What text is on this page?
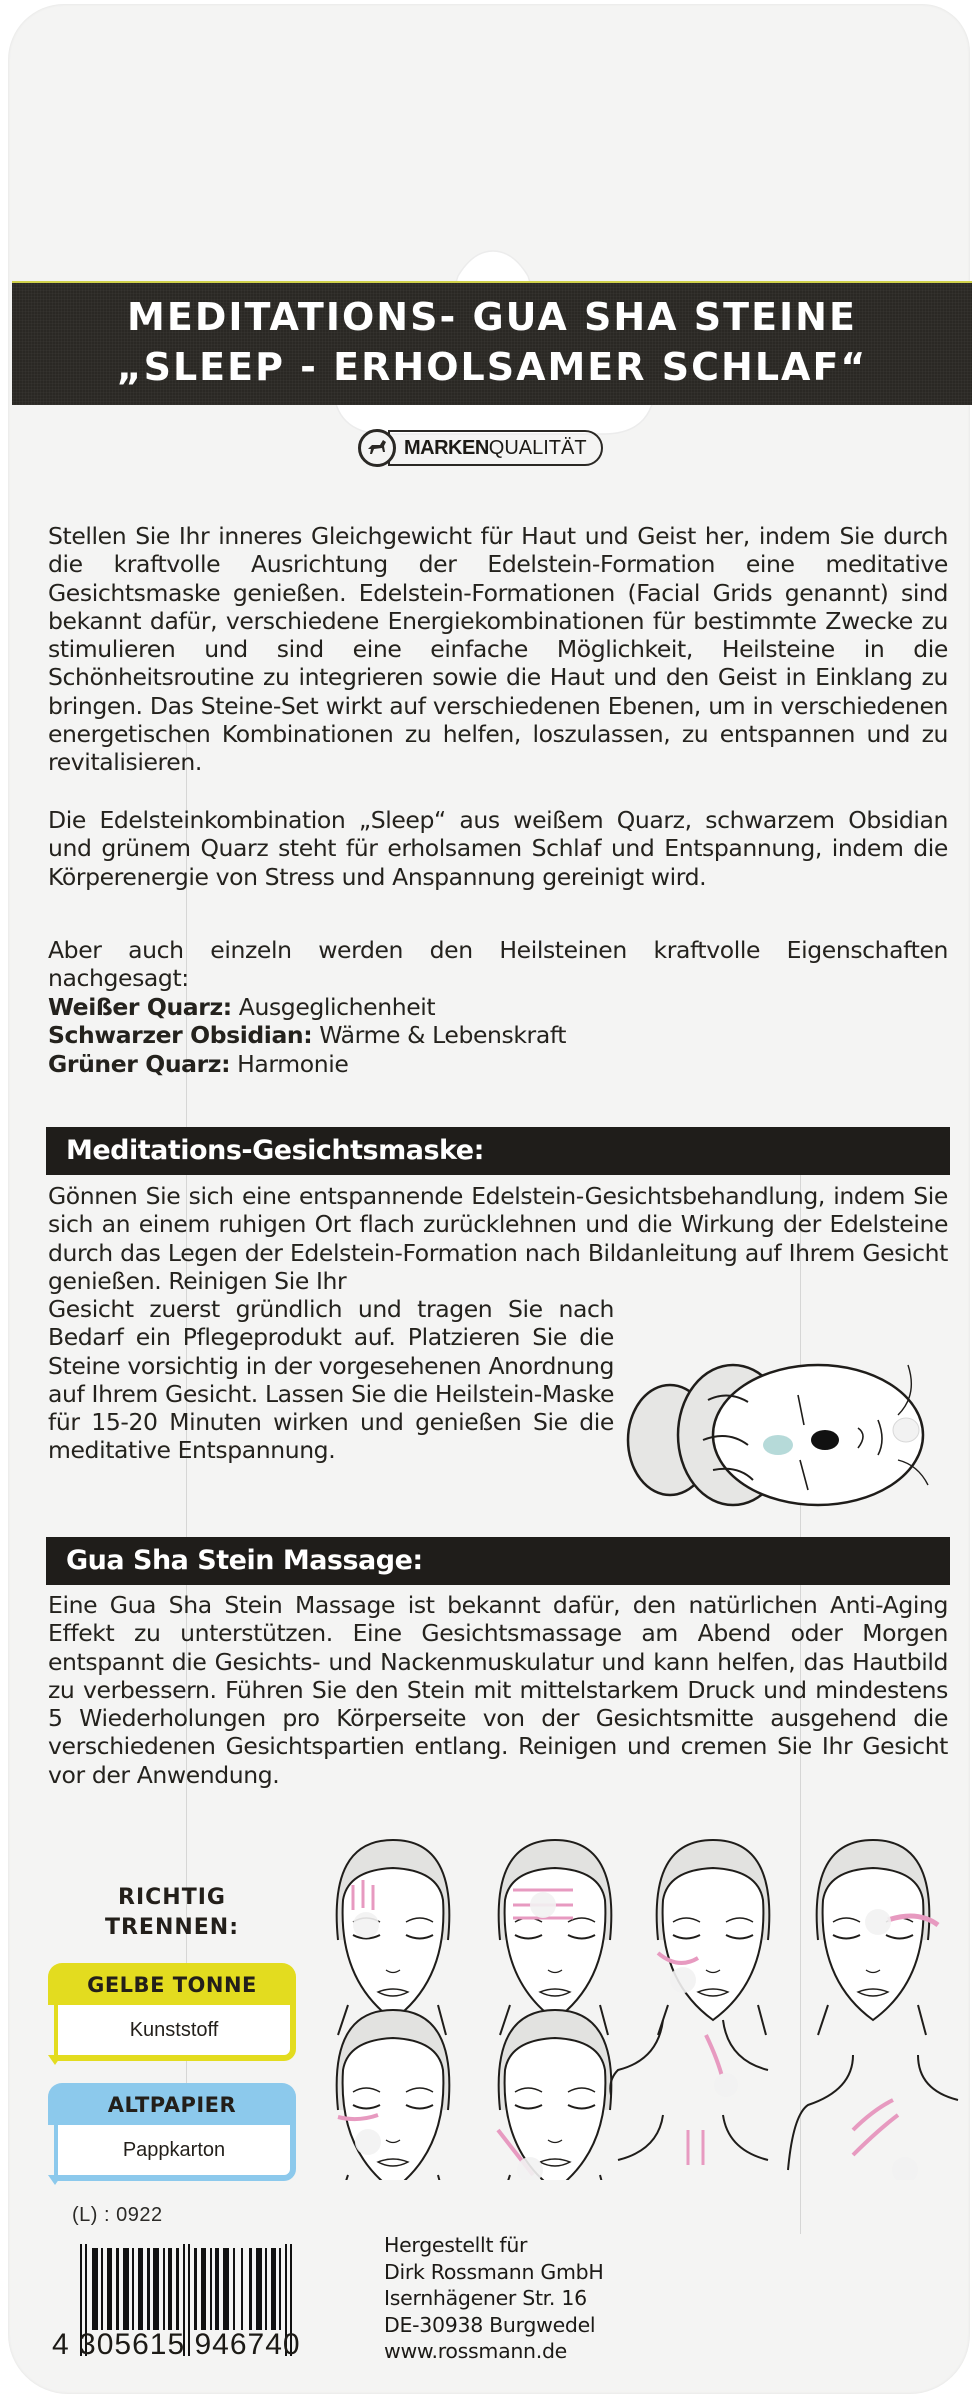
MEDITATIONS- GUA SHA STEINE
„SLEEP - ERHOLSAMER SCHLAF“
MARKEN QUALITÄT

Stellen Sie Ihr inneres Gleichgewicht für Haut und Geist her, indem Sie durch die kraftvolle Ausrichtung der Edelstein-Formation eine meditative Gesichtsmaske genießen. Edelstein-Formationen (Facial Grids genannt) sind bekannt dafür, verschiedene Energiekombinationen für bestimmte Zwecke zu stimulieren und sind eine einfache Möglichkeit, Heilsteine in die Schönheitsroutine zu integrieren sowie die Haut und den Geist in Einklang zu bringen. Das Steine-Set wirkt auf verschiedenen Ebenen, um in verschiedenen energetischen Kombinationen zu helfen, loszulassen, zu entspannen und zu revitalisieren.

Die Edelsteinkombination „Sleep“ aus weißem Quarz, schwarzem Obsidian und grünem Quarz steht für erholsamen Schlaf und Entspannung, indem die Körperenergie von Stress und Anspannung gereinigt wird.

Aber auch einzeln werden den Heilsteinen kraftvolle Eigenschaften nachgesagt:

Weißer Quarz: Ausgeglichenheit
Schwarzer Obsidian: Wärme & Lebenskraft
Grüner Quarz: Harmonie
Meditations-Gesichtsmaske:

Gönnen Sie sich eine entspannende Edelstein-Gesichtsbehandlung, indem Sie sich an einem ruhigen Ort flach zurücklehnen und die Wirkung der Edelsteine durch das Legen der Edelstein-Formation nach Bildanleitung auf Ihrem Gesicht genießen. Reinigen Sie Ihr

Gesicht zuerst gründlich und tragen Sie nach Bedarf ein Pflegeprodukt auf. Platzieren Sie die Steine vorsichtig in der vorgesehenen Anordnung auf Ihrem Gesicht. Lassen Sie die Heilstein-Maske für 15-20 Minuten wirken und genießen Sie die meditative Entspannung.

Gua Sha Stein Massage:

Eine Gua Sha Stein Massage ist bekannt dafür, den natürlichen Anti-Aging Effekt zu unterstützen. Eine Gesichtsmassage am Abend oder Morgen entspannt die Gesichts- und Nackenmuskulatur und kann helfen, das Hautbild zu verbessern. Führen Sie den Stein mit mittelstarkem Druck und mindestens 5 Wiederholungen pro Körperseite von der Gesichtsmitte ausgehend die verschiedenen Gesichtspartien entlang. Reinigen und cremen Sie Ihr Gesicht vor der Anwendung.

RICHTIG
TRENNEN:
GELBE TONNE
Kunststoff
ALTPAPIER
Pappkarton
(L) : 0922
4 305615 946740
Hergestellt für
Dirk Rossmann GmbH
Isernhägener Str. 16
DE-30938 Burgwedel
www.rossmann.de
